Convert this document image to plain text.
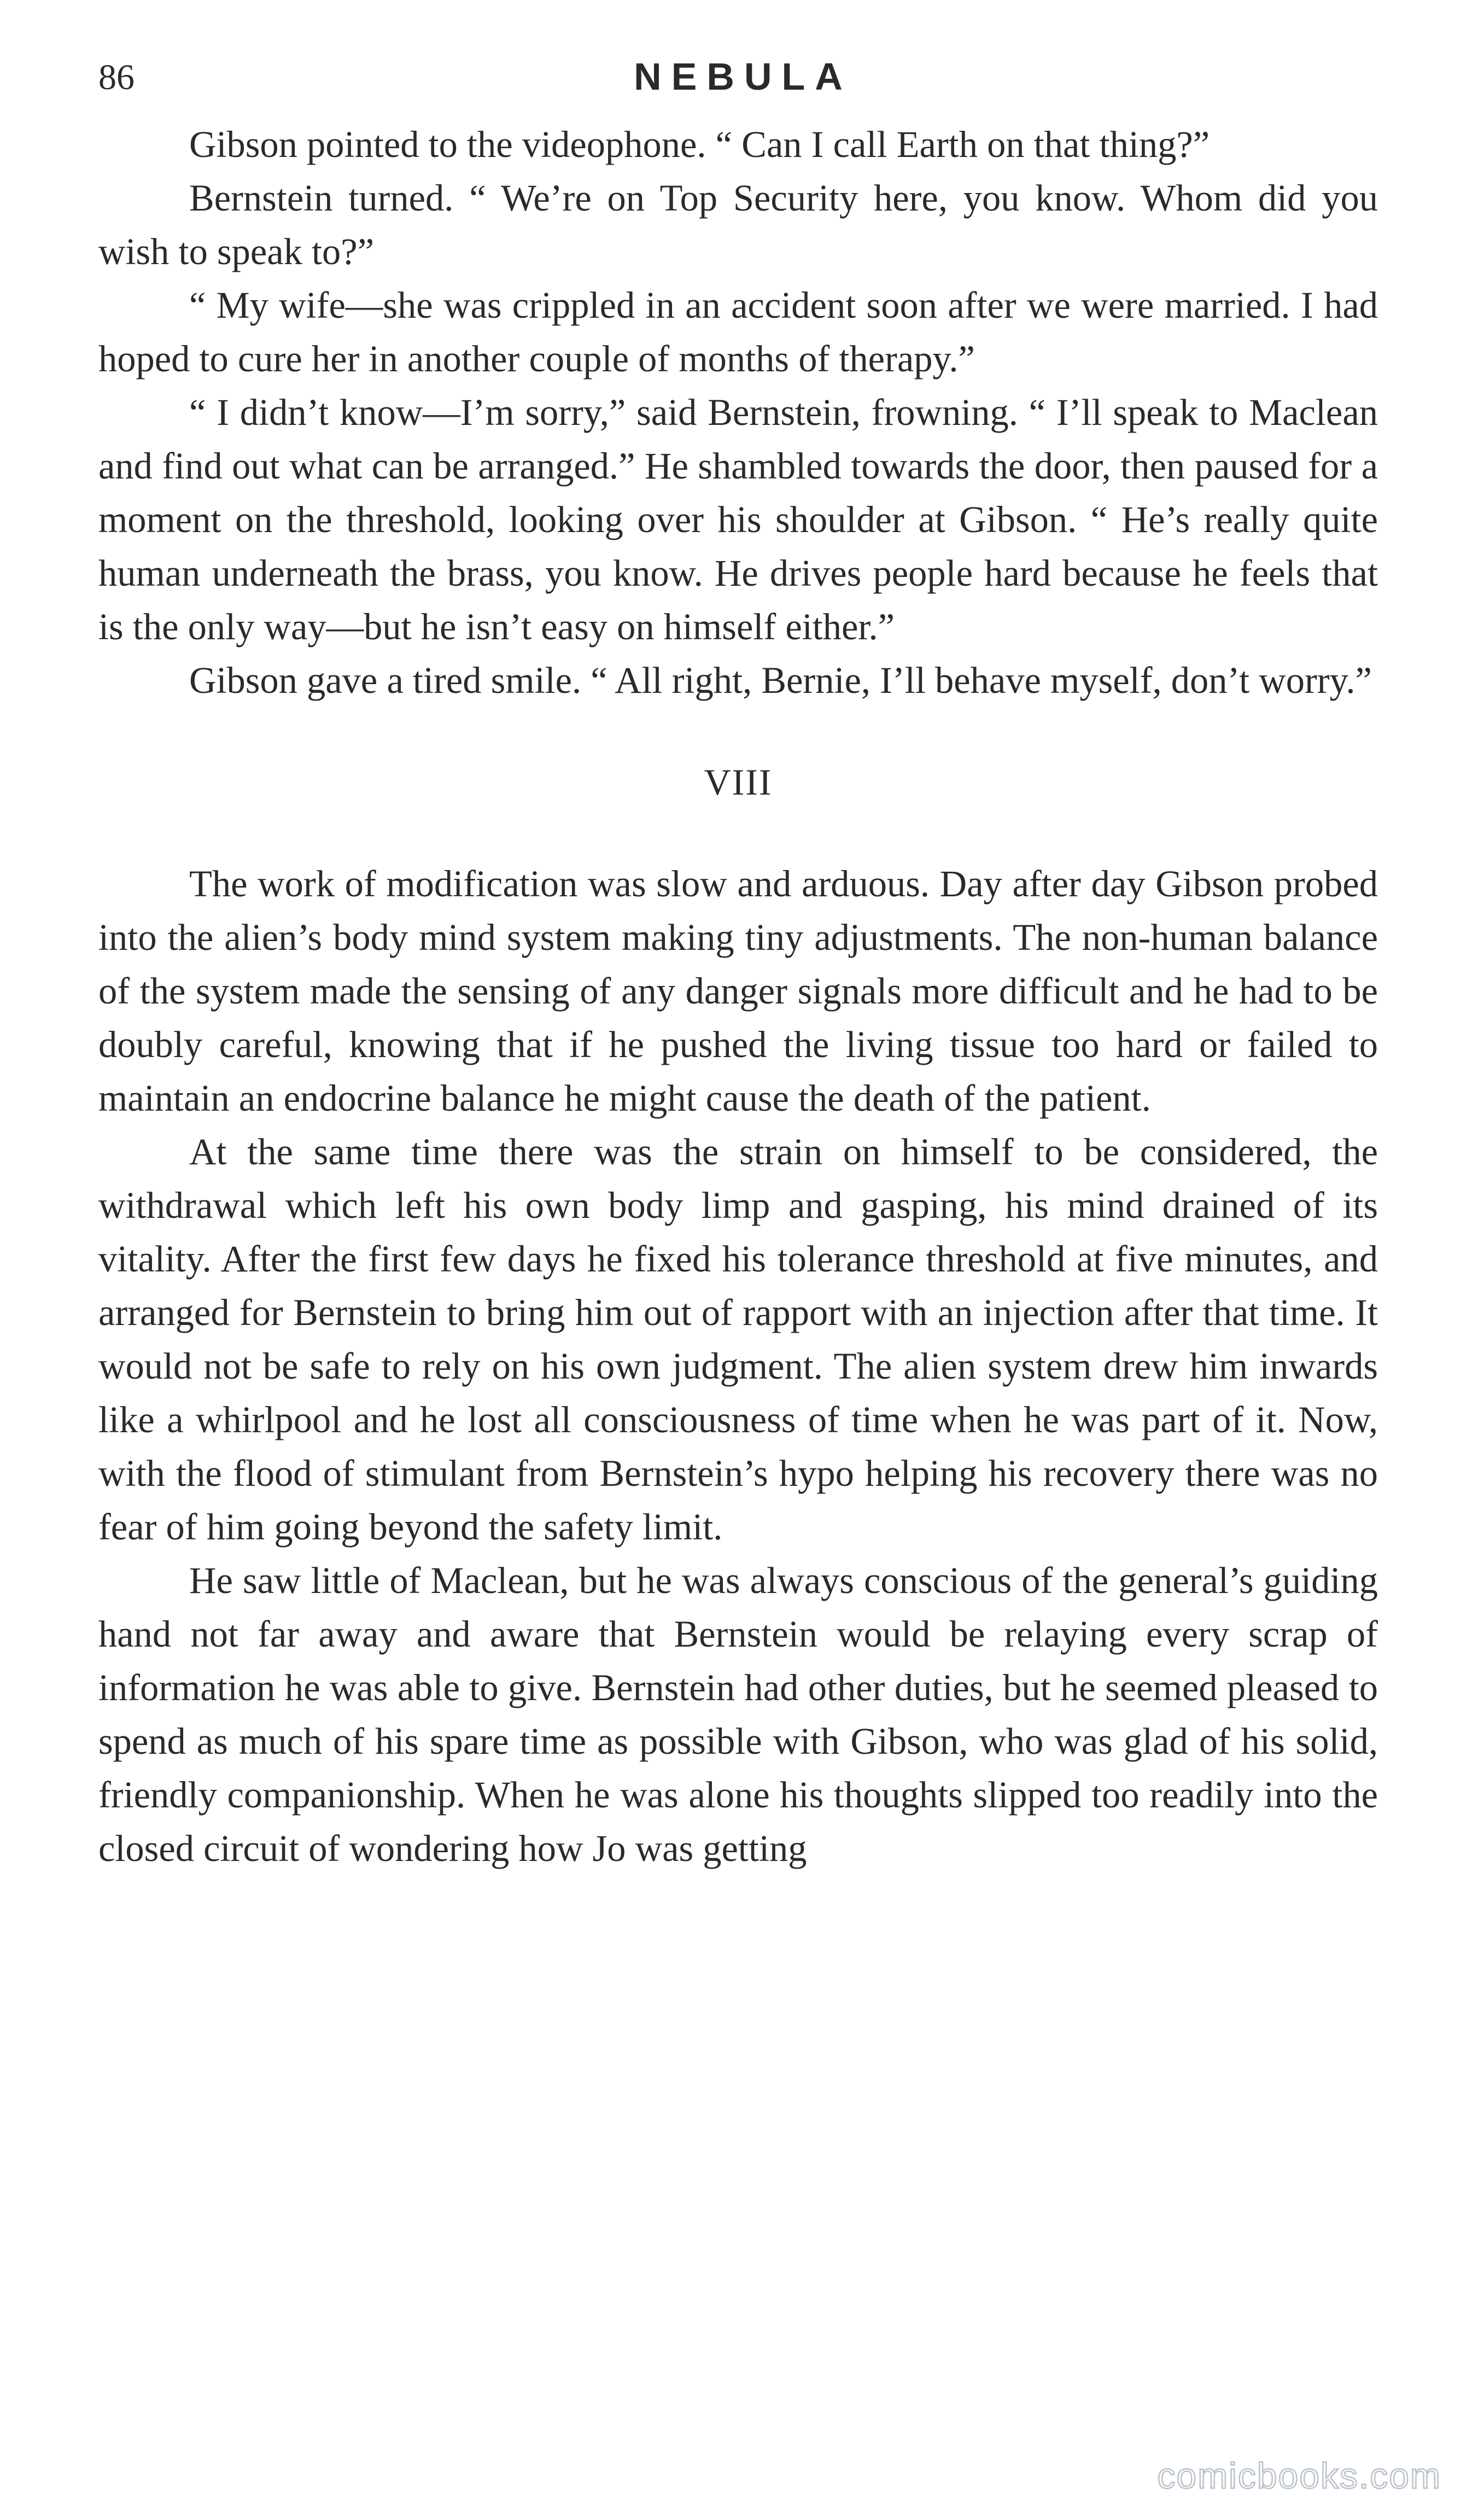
86	NEBULA

Gibson pointed to the videophone. “ Can I call Earth on that thing?”

Bernstein turned. “ We’re on Top Security here, you know. Whom did you wish to speak to?”

“ My wife—she was crippled in an accident soon after we were married. I had hoped to cure her in another couple of months of therapy.”

“ I didn’t know—I’m sorry,” said Bernstein, frowning. “ I’ll speak to Maclean and find out what can be arranged.” He shambled towards the door, then paused for a moment on the threshold, looking over his shoulder at Gibson. “ He’s really quite human underneath the brass, you know. He drives people hard because he feels that is the only way—but he isn’t easy on himself either.”

Gibson gave a tired smile. “ All right, Bernie, I’ll behave myself, don’t worry.”

VIII

The work of modification was slow and arduous. Day after day Gibson probed into the alien’s body mind system making tiny adjustments. The non-human balance of the system made the sensing of any danger signals more difficult and he had to be doubly careful, knowing that if he pushed the living tissue too hard or failed to maintain an endocrine balance he might cause the death of the patient.

At the same time there was the strain on himself to be considered, the withdrawal which left his own body limp and gasping, his mind drained of its vitality. After the first few days he fixed his tolerance threshold at five minutes, and arranged for Bernstein to bring him out of rapport with an injection after that time. It would not be safe to rely on his own judgment. The alien system drew him inwards like a whirlpool and he lost all consciousness of time when he was part of it. Now, with the flood of stimulant from Bernstein’s hypo helping his recovery there was no fear of him going beyond the safety limit.

He saw little of Maclean, but he was always conscious of the general’s guiding hand not far away and aware that Bernstein would be relaying every scrap of information he was able to give. Bernstein had other duties, but he seemed pleased to spend as much of his spare time as possible with Gibson, who was glad of his solid, friendly companionship. When he was alone his thoughts slipped too readily into the closed circuit of wondering how Jo was getting

comicbooks.com
